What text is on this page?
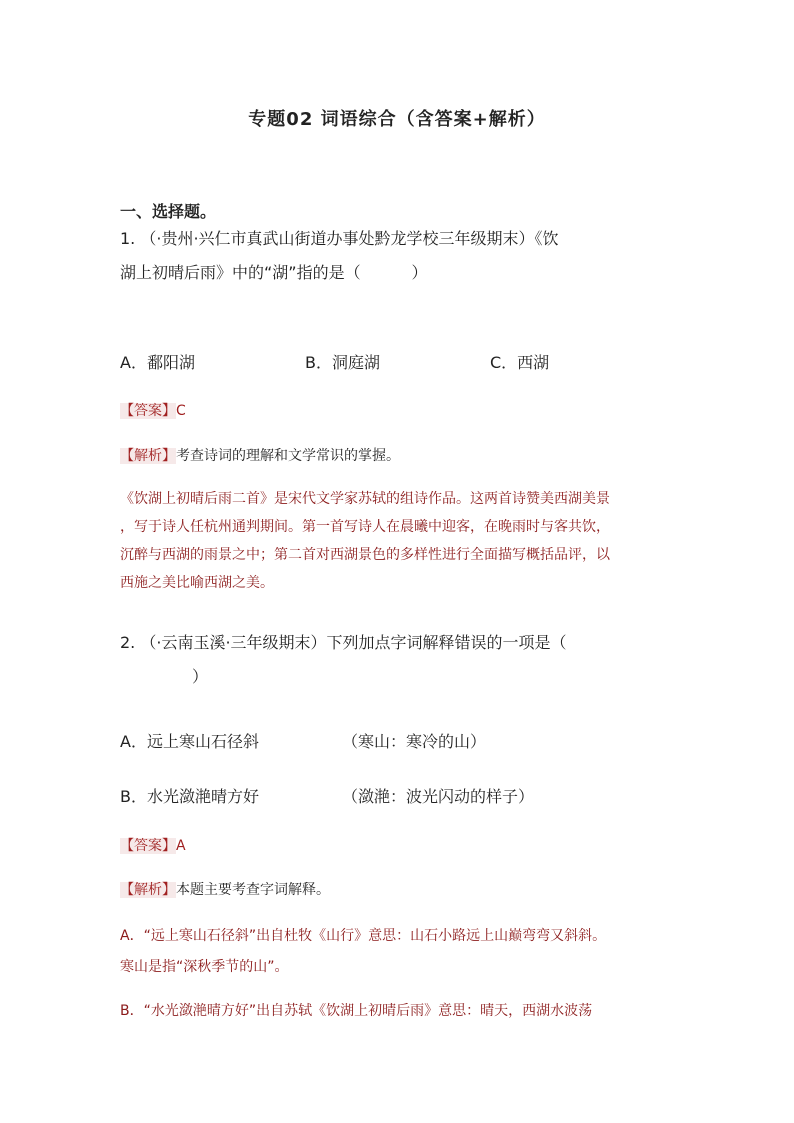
专题02 词语综合（含答案+解析）
一、选择题。
1. （·贵州·兴仁市真武山街道办事处黔龙学校三年级期末）《饮
湖上初晴后雨》中的“湖”指的是（          ）
A．鄱阳湖	B．洞庭湖	C．西湖
【答案】C
【解析】考查诗词的理解和文学常识的掌握。
《饮湖上初晴后雨二首》是宋代文学家苏轼的组诗作品。这两首诗赞美西湖美景
，写于诗人任杭州通判期间。第一首写诗人在晨曦中迎客，在晚雨时与客共饮，
沉醉与西湖的雨景之中；第二首对西湖景色的多样性进行全面描写概括品评，以
西施之美比喻西湖之美。
2. （·云南玉溪·三年级期末）下列加点字词解释错误的一项是（
）
A．远上寒山石径斜	（寒山：寒冷的山）
B．水光潋滟晴方好	（潋滟：波光闪动的样子）
【答案】A
【解析】本题主要考查字词解释。
A．“远上寒山石径斜”出自杜牧《山行》意思：山石小路远上山巅弯弯又斜斜。
寒山是指“深秋季节的山”。
B．“水光潋滟晴方好”出自苏轼《饮湖上初晴后雨》意思：晴天，西湖水波荡
